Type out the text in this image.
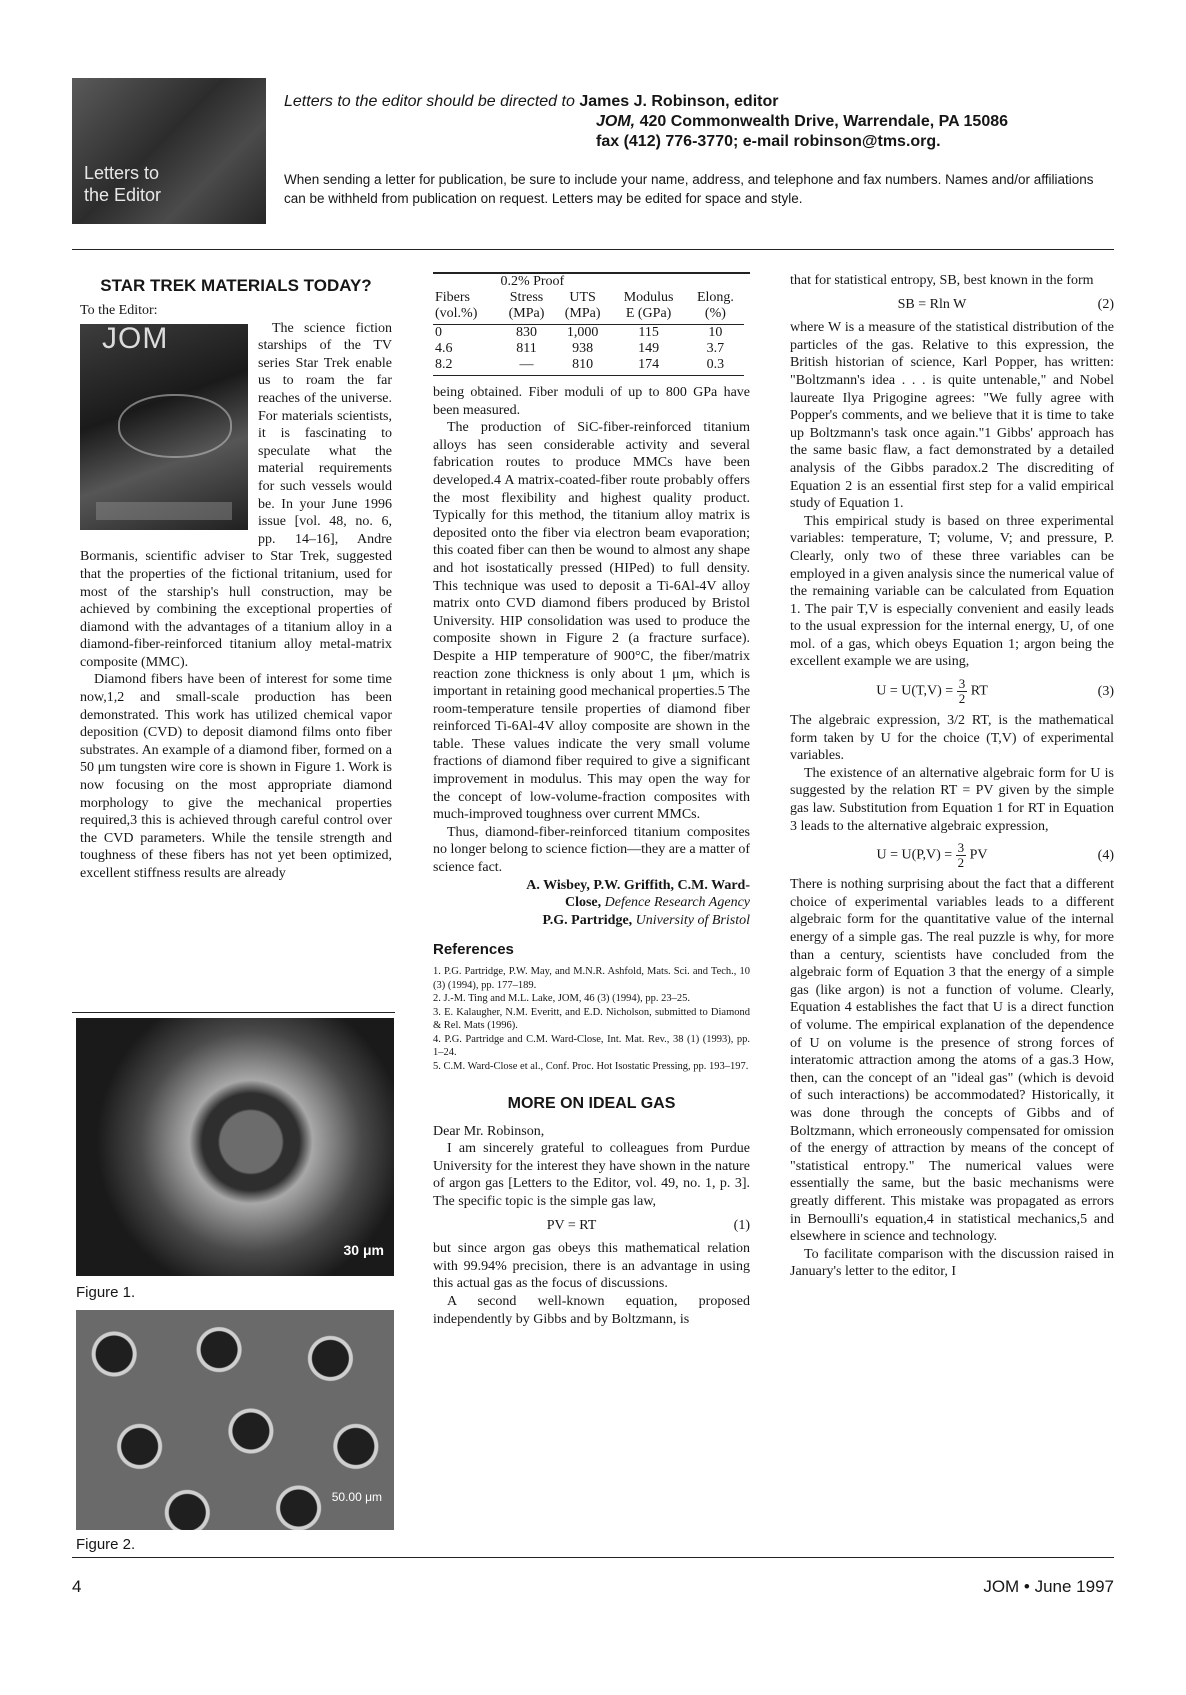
Letters to
the Editor
Letters to the editor should be directed to James J. Robinson, editor
JOM, 420 Commonwealth Drive, Warrendale, PA 15086
fax (412) 776-3770; e-mail robinson@tms.org.
When sending a letter for publication, be sure to include your name, address, and telephone and fax numbers. Names and/or affiliations can be withheld from publication on request. Letters may be edited for space and style.
STAR TREK MATERIALS TODAY?

To the Editor:

JOM	The science fiction starships of the TV series Star Trek enable us to roam the far reaches of the universe. For materials scientists, it is fascinating to speculate what the material requirements for such vessels would be. In your June 1996 issue [vol. 48, no. 6, pp. 14–16], Andre Bormanis, scientific adviser to Star Trek, suggested that the properties of the fictional tritanium, used for most of the starship's hull construction, may be achieved by combining the exceptional properties of diamond with the advantages of a titanium alloy in a diamond-fiber-reinforced titanium alloy metal-matrix composite (MMC).

Diamond fibers have been of interest for some time now,1,2 and small-scale production has been demonstrated. This work has utilized chemical vapor deposition (CVD) to deposit diamond films onto fiber substrates. An example of a diamond fiber, formed on a 50 μm tungsten wire core is shown in Figure 1. Work is now focusing on the most appropriate diamond morphology to give the mechanical properties required,3 this is achieved through careful control over the CVD parameters. While the tensile strength and toughness of these fibers has not yet been optimized, excellent stiffness results are already

30 μm
Figure 1.
50.00 μm
Figure 2.
	0.2% Proof				
Fibers	Stress	UTS	Modulus	Elong.	
(vol.%)	(MPa)	(MPa)	E (GPa)	(%)	
0	830	1,000	115	10	
4.6	811	938	149	3.7	
8.2	—	810	174	0.3	

being obtained. Fiber moduli of up to 800 GPa have been measured.

The production of SiC-fiber-reinforced titanium alloys has seen considerable activity and several fabrication routes to produce MMCs have been developed.4 A matrix-coated-fiber route probably offers the most flexibility and highest quality product. Typically for this method, the titanium alloy matrix is deposited onto the fiber via electron beam evaporation; this coated fiber can then be wound to almost any shape and hot isostatically pressed (HIPed) to full density. This technique was used to deposit a Ti-6Al-4V alloy matrix onto CVD diamond fibers produced by Bristol University. HIP consolidation was used to produce the composite shown in Figure 2 (a fracture surface). Despite a HIP temperature of 900°C, the fiber/matrix reaction zone thickness is only about 1 μm, which is important in retaining good mechanical properties.5 The room-temperature tensile properties of diamond fiber reinforced Ti-6Al-4V alloy composite are shown in the table. These values indicate the very small volume fractions of diamond fiber required to give a significant improvement in modulus. This may open the way for the concept of low-volume-fraction composites with much-improved toughness over current MMCs.

Thus, diamond-fiber-reinforced titanium composites no longer belong to science fiction—they are a matter of science fact.

A. Wisbey, P.W. Griffith, C.M. Ward-

Close, Defence Research Agency

P.G. Partridge, University of Bristol

References
1. P.G. Partridge, P.W. May, and M.N.R. Ashfold, Mats. Sci. and Tech., 10 (3) (1994), pp. 177–189.
2. J.-M. Ting and M.L. Lake, JOM, 46 (3) (1994), pp. 23–25.
3. E. Kalaugher, N.M. Everitt, and E.D. Nicholson, submitted to Diamond & Rel. Mats (1996).
4. P.G. Partridge and C.M. Ward-Close, Int. Mat. Rev., 38 (1) (1993), pp. 1–24.
5. C.M. Ward-Close et al., Conf. Proc. Hot Isostatic Pressing, pp. 193–197.
MORE ON IDEAL GAS

Dear Mr. Robinson,

I am sincerely grateful to colleagues from Purdue University for the interest they have shown in the nature of argon gas [Letters to the Editor, vol. 49, no. 1, p. 3]. The specific topic is the simple gas law,

PV = RT	(1)

but since argon gas obeys this mathematical relation with 99.94% precision, there is an advantage in using this actual gas as the focus of discussions.

A second well-known equation, proposed independently by Gibbs and by Boltzmann, is

that for statistical entropy, SB, best known in the form

SB = Rln W	(2)

where W is a measure of the statistical distribution of the particles of the gas. Relative to this expression, the British historian of science, Karl Popper, has written: "Boltzmann's idea . . . is quite untenable," and Nobel laureate Ilya Prigogine agrees: "We fully agree with Popper's comments, and we believe that it is time to take up Boltzmann's task once again."1 Gibbs' approach has the same basic flaw, a fact demonstrated by a detailed analysis of the Gibbs paradox.2 The discrediting of Equation 2 is an essential first step for a valid empirical study of Equation 1.

This empirical study is based on three experimental variables: temperature, T; volume, V; and pressure, P. Clearly, only two of these three variables can be employed in a given analysis since the numerical value of the remaining variable can be calculated from Equation 1. The pair T,V is especially convenient and easily leads to the usual expression for the internal energy, U, of one mol. of a gas, which obeys Equation 1; argon being the excellent example we are using,

$U = U(T,V) = \frac{3}{2}$ RT	(3)

The algebraic expression, 3/2 RT, is the mathematical form taken by U for the choice (T,V) of experimental variables.

The existence of an alternative algebraic form for U is suggested by the relation RT = PV given by the simple gas law. Substitution from Equation 1 for RT in Equation 3 leads to the alternative algebraic expression,

$U = U(P,V) = \frac{3}{2}$ PV	(4)

There is nothing surprising about the fact that a different choice of experimental variables leads to a different algebraic form for the quantitative value of the internal energy of a simple gas. The real puzzle is why, for more than a century, scientists have concluded from the algebraic form of Equation 3 that the energy of a simple gas (like argon) is not a function of volume. Clearly, Equation 4 establishes the fact that U is a direct function of volume. The empirical explanation of the dependence of U on volume is the presence of strong forces of interatomic attraction among the atoms of a gas.3 How, then, can the concept of an "ideal gas" (which is devoid of such interactions) be accommodated? Historically, it was done through the concepts of Gibbs and of Boltzmann, which erroneously compensated for omission of the energy of attraction by means of the concept of "statistical entropy." The numerical values were essentially the same, but the basic mechanisms were greatly different. This mistake was propagated as errors in Bernoulli's equation,4 in statistical mechanics,5 and elsewhere in science and technology.

To facilitate comparison with the discussion raised in January's letter to the editor, I

4	JOM • June 1997
